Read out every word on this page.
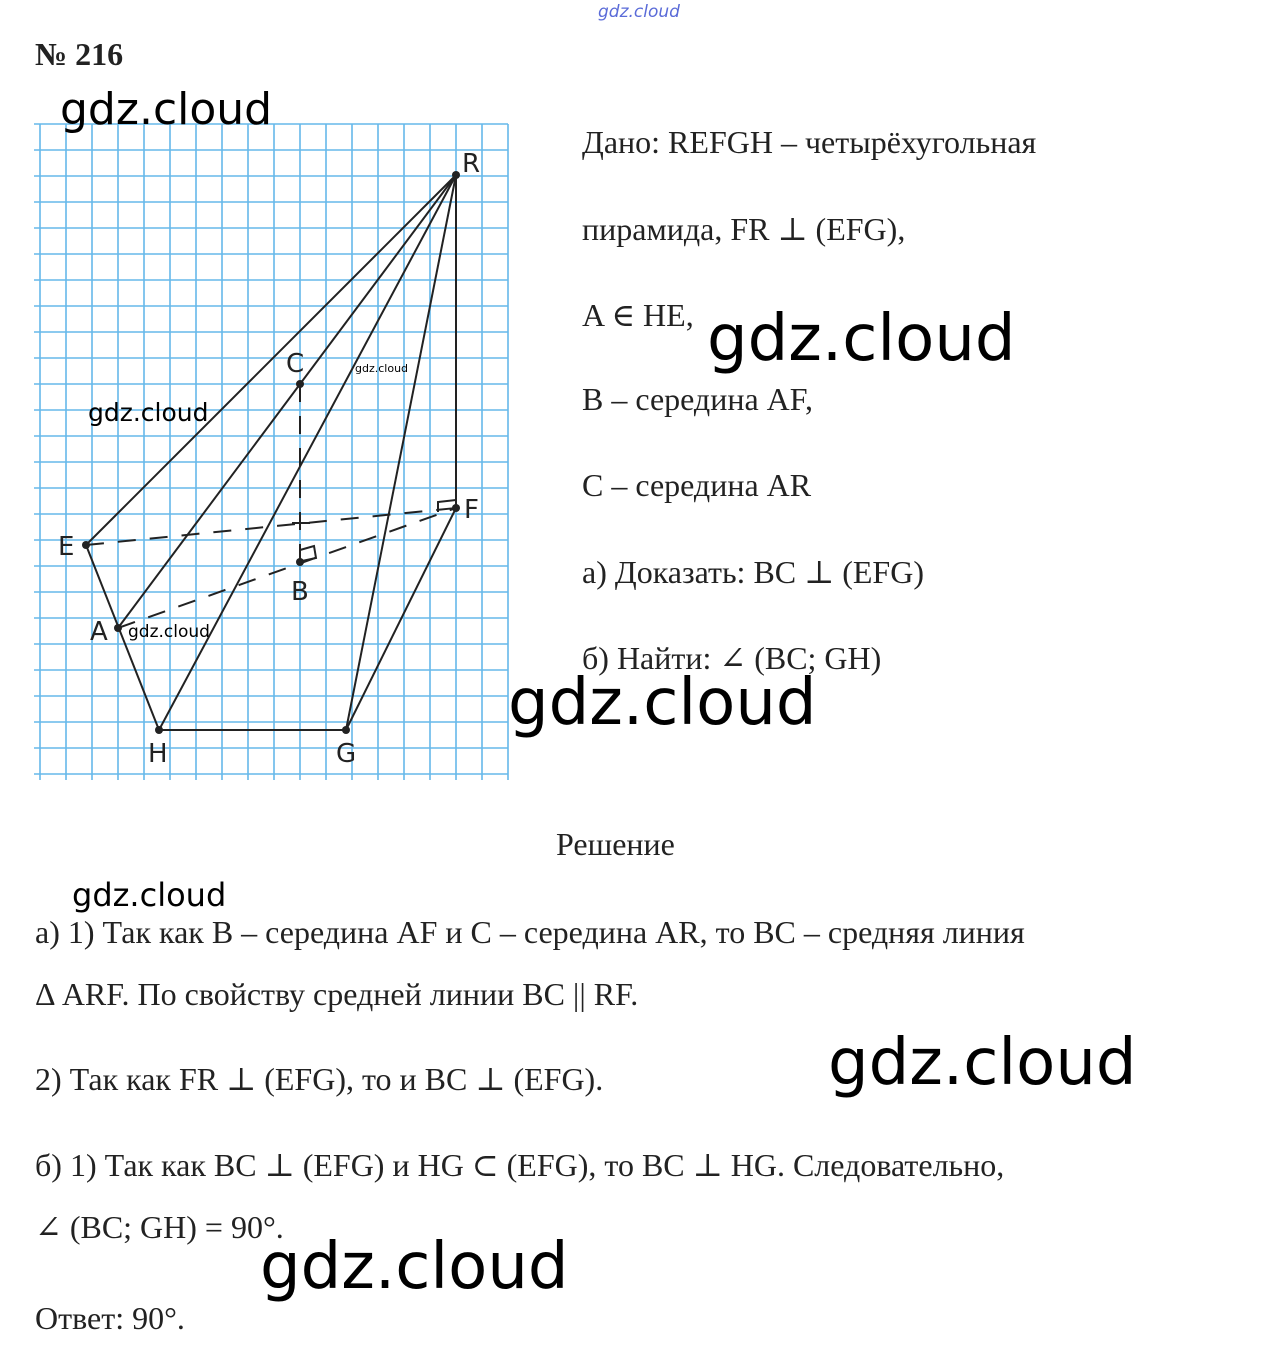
gdz.cloud
№ 216
R
C
E
F
B
A
H	G
gdz.cloud
gdz.cloud
gdz.cloud
gdz.cloud
Дано: REFGH – четырёхугольная
пирамида, FR ⊥ (EFG),
A ∈ HE,
B – середина AF,
C – середина AR
а) Доказать: BC ⊥ (EFG)
б) Найти: ∠ (BC; GH)
gdz.cloud
gdz.cloud
Решение
gdz.cloud
а) 1) Так как B – середина AF и C – середина AR, то BC – средняя линия
Δ ARF. По свойству средней линии BC || RF.
2) Так как FR ⊥ (EFG), то и BC ⊥ (EFG).	gdz.cloud
б) 1) Так как BC ⊥ (EFG) и HG ⊂ (EFG), то BC ⊥ HG. Следовательно,
∠ (BC; GH) = 90°.
gdz.cloud
Ответ: 90°.
